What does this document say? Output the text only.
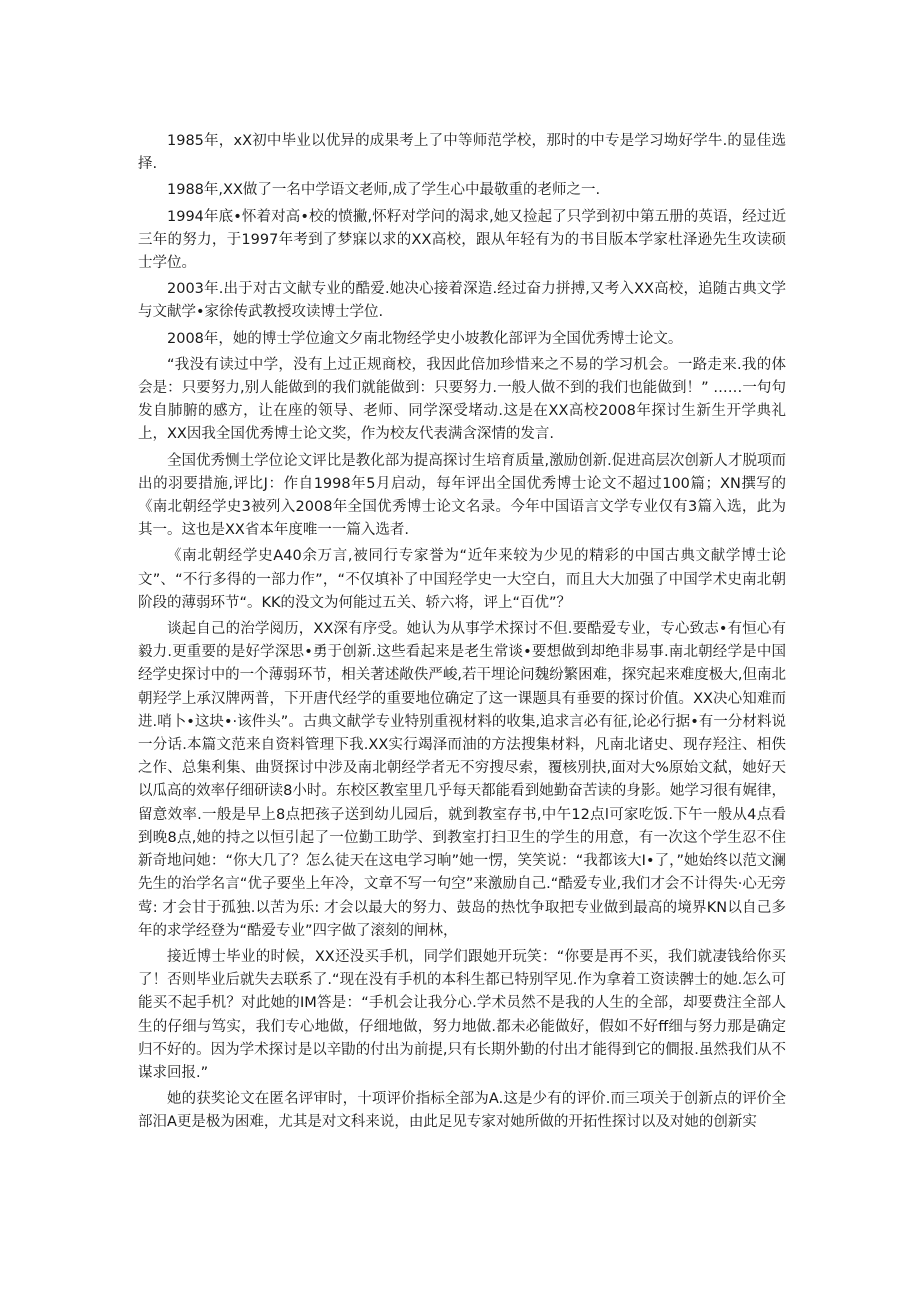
1985年，xX初中毕业以优异的成果考上了中等师范学校，那时的中专是学习坳好学牛.的显佳选择.

1988年,XX做了一名中学语文老师,成了学生心中最敬重的老师之一.

1994年底•怀着对高•校的愤撇,怀籽对学问的渴求,她又捡起了只学到初中第五册的英语，经过近三年的努力，于1997年考到了梦寐以求的XX高校，跟从年轻有为的书目版本学家杜泽逊先生攻读硕士学位。

2003年.出于对古文献专业的酷爱.她决心接着深造.经过奋力拼搏,又考入XX高校，追随古典文学与文献学•家徐传武教授攻读博士学位.

2008年，她的博士学位逾文夕南北物经学史小坡教化部评为全国优秀博士论文。

“我没有读过中学，没有上过正规商校，我因此倍加珍惜来之不易的学习机会。一路走来.我的体会是：只要努力,别人能做到的我们就能做到：只要努力.一般人做不到的我们也能做到！” ……一句句发自肺腑的感方，让在座的领导、老师、同学深受堵动.这是在XX高校2008年探讨生新生开学典礼上，XX因我全国优秀博士论文奖，作为校友代表满含深情的发言.

全国优秀恻土学位论文评比是教化部为提高探讨生培育质量,激励创新.促进高层次创新人才脱项而出的羽要措施,评比J：作自1998年5月启动，每年评出全国优秀博士论文不超过100篇；XN撰写的《南北朝经学史3被列入2008年全国优秀博士论文名录。今年中国语言文学专业仅有3篇入选，此为其一。这也是XX省本年度唯一一篇入选者.

《南北朝经学史A40余万言,被同行专家誉为“近年来较为少见的精彩的中国古典文献学博士论文”、“不行多得的一部力作”，“不仅填补了中国羟学史一大空白，而且大大加强了中国学术史南北朝阶段的薄弱环节“。KK的没文为何能过五关、轿六将，评上“百优”？

谈起自己的治学阅历，XX深有序受。她认为从事学术探讨不但.要酷爱专业，专心致志•有恒心有毅力.更重要的是好学深思•勇于创新.这些看起来是老生常谈•要想做到却绝非易事.南北朝经学是中国经学史探讨中的一个薄弱环节，相关著述敞佚严峻,若干埋论问魏纷繁困难，探究起来难度极大,但南北朝羟学上承汉牌两普，下开唐代经学的重要地位确定了这一课题具有垂要的探讨价值。XX决心知难而进.哨卜•这块•·该件头”。古典文献学专业特别重视材料的收集,追求言必有征,论必行据•有一分材料说一分话.本篇文范来自资料管理下我.XX实行竭泽而油的方法搜集材料，凡南北诸史、现存羟注、相佚之作、总集利集、曲贤探讨中涉及南北朝经学者无不穷搜尽索，覆核別抉,面对大%原始文弑，她好天以瓜高的效率仔细研读8小时。东校区教室里几乎每天都能看到她勤奋苦读的身影。她学习很有娓律，留意效率.一般是早上8点把孩子送到幼儿园后，就到教室存书,中午12点l可家吃饭.下午一般从4点看到晚8点,她的持之以恒引起了一位勤工助学、到教室打扫卫生的学生的用意，有一次这个学生忍不住新奇地问她：“你大几了？怎么徒天在这电学习晌”她一愣，笑笑说：“我都该大I•了，”她始终以范文澜先生的治学名言“优子要坐上年冷，文章不写一句空”来激励自己.“酷爱专业,我们才会不计得失·心无旁莺: 才会甘于孤独.以苦为乐: 才会以最大的努力、鼓岛的热忱争取把专业做到最高的境界KN以自己多年的求学经登为“酷爱专业”四字做了滚刻的闸林，

接近博士毕业的时候，XX还没买手机，同学们跟她开玩笑：“你要是再不买，我们就凄钱给你买了！否则毕业后就失去联系了.“现在没有手机的本科生都已特别罕见.作为拿着工资读髀士的她.怎么可能买不起手机？对此她的IM答是：“手机会让我分心.学术员然不是我的人生的全部，却要费注全部人生的仔细与笃实，我们专心地做，仔细地做，努力地做.都未必能做好，假如不好ff细与努力那是确定归不好的。因为学术探讨是以辛勖的付出为前提,只有长期外勤的付出才能得到它的僴报.虽然我们从不谋求回报.”

她的获奖论文在匿名评审时，十项评价指标全部为A.这是少有的评价.而三项关于创新点的评价全部汨A更是极为困难，尤其是对文科来说，由此足见专家对她所做的开拓性探讨以及对她的创新实
